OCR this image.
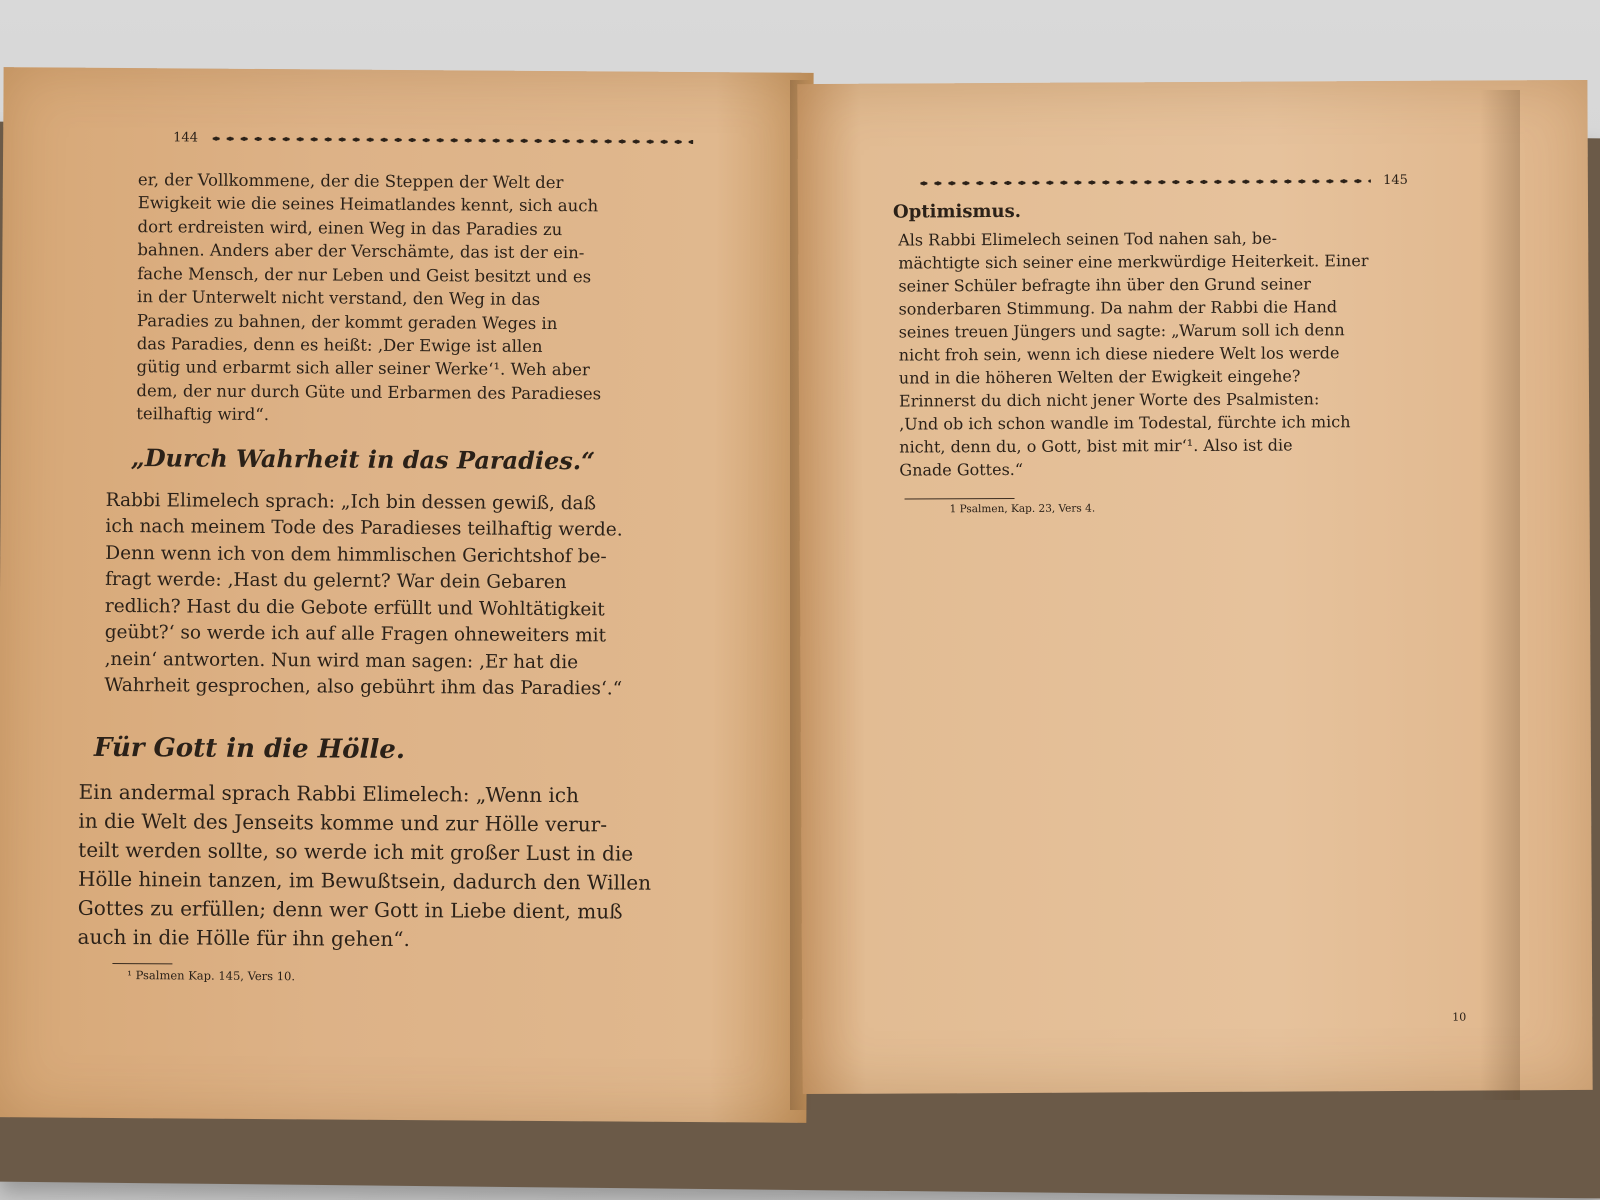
144
er, der Vollkommene, der die Steppen der Welt der
Ewigkeit wie die seines Heimatlandes kennt, sich auch
dort erdreisten wird, einen Weg in das Paradies zu
bahnen. Anders aber der Verschämte, das ist der ein-
fache Mensch, der nur Leben und Geist besitzt und es
in der Unterwelt nicht verstand, den Weg in das
Paradies zu bahnen, der kommt geraden Weges in
das Paradies, denn es heißt: ‚Der Ewige ist allen
gütig und erbarmt sich aller seiner Werke‘¹. Weh aber
dem, der nur durch Güte und Erbarmen des Paradieses
teilhaftig wird“.
„Durch Wahrheit in das Paradies.“
Rabbi Elimelech sprach: „Ich bin dessen gewiß, daß
ich nach meinem Tode des Paradieses teilhaftig werde.
Denn wenn ich von dem himmlischen Gerichtshof be-
fragt werde: ‚Hast du gelernt? War dein Gebaren
redlich? Hast du die Gebote erfüllt und Wohltätigkeit
geübt?‘ so werde ich auf alle Fragen ohneweiters mit
‚nein‘ antworten. Nun wird man sagen: ‚Er hat die
Wahrheit gesprochen, also gebührt ihm das Paradies‘.“
Für Gott in die Hölle.
Ein andermal sprach Rabbi Elimelech: „Wenn ich
in die Welt des Jenseits komme und zur Hölle verur-
teilt werden sollte, so werde ich mit großer Lust in die
Hölle hinein tanzen, im Bewußtsein, dadurch den Willen
Gottes zu erfüllen; denn wer Gott in Liebe dient, muß
auch in die Hölle für ihn gehen“.
¹ Psalmen Kap. 145, Vers 10.
145
Optimismus.
Als Rabbi Elimelech seinen Tod nahen sah, be-
mächtigte sich seiner eine merkwürdige Heiterkeit. Einer
seiner Schüler befragte ihn über den Grund seiner
sonderbaren Stimmung. Da nahm der Rabbi die Hand
seines treuen Jüngers und sagte: „Warum soll ich denn
nicht froh sein, wenn ich diese niedere Welt los werde
und in die höheren Welten der Ewigkeit eingehe?
Erinnerst du dich nicht jener Worte des Psalmisten:
‚Und ob ich schon wandle im Todestal, fürchte ich mich
nicht, denn du, o Gott, bist mit mir‘¹. Also ist die
Gnade Gottes.“
1 Psalmen, Kap. 23, Vers 4.
10
